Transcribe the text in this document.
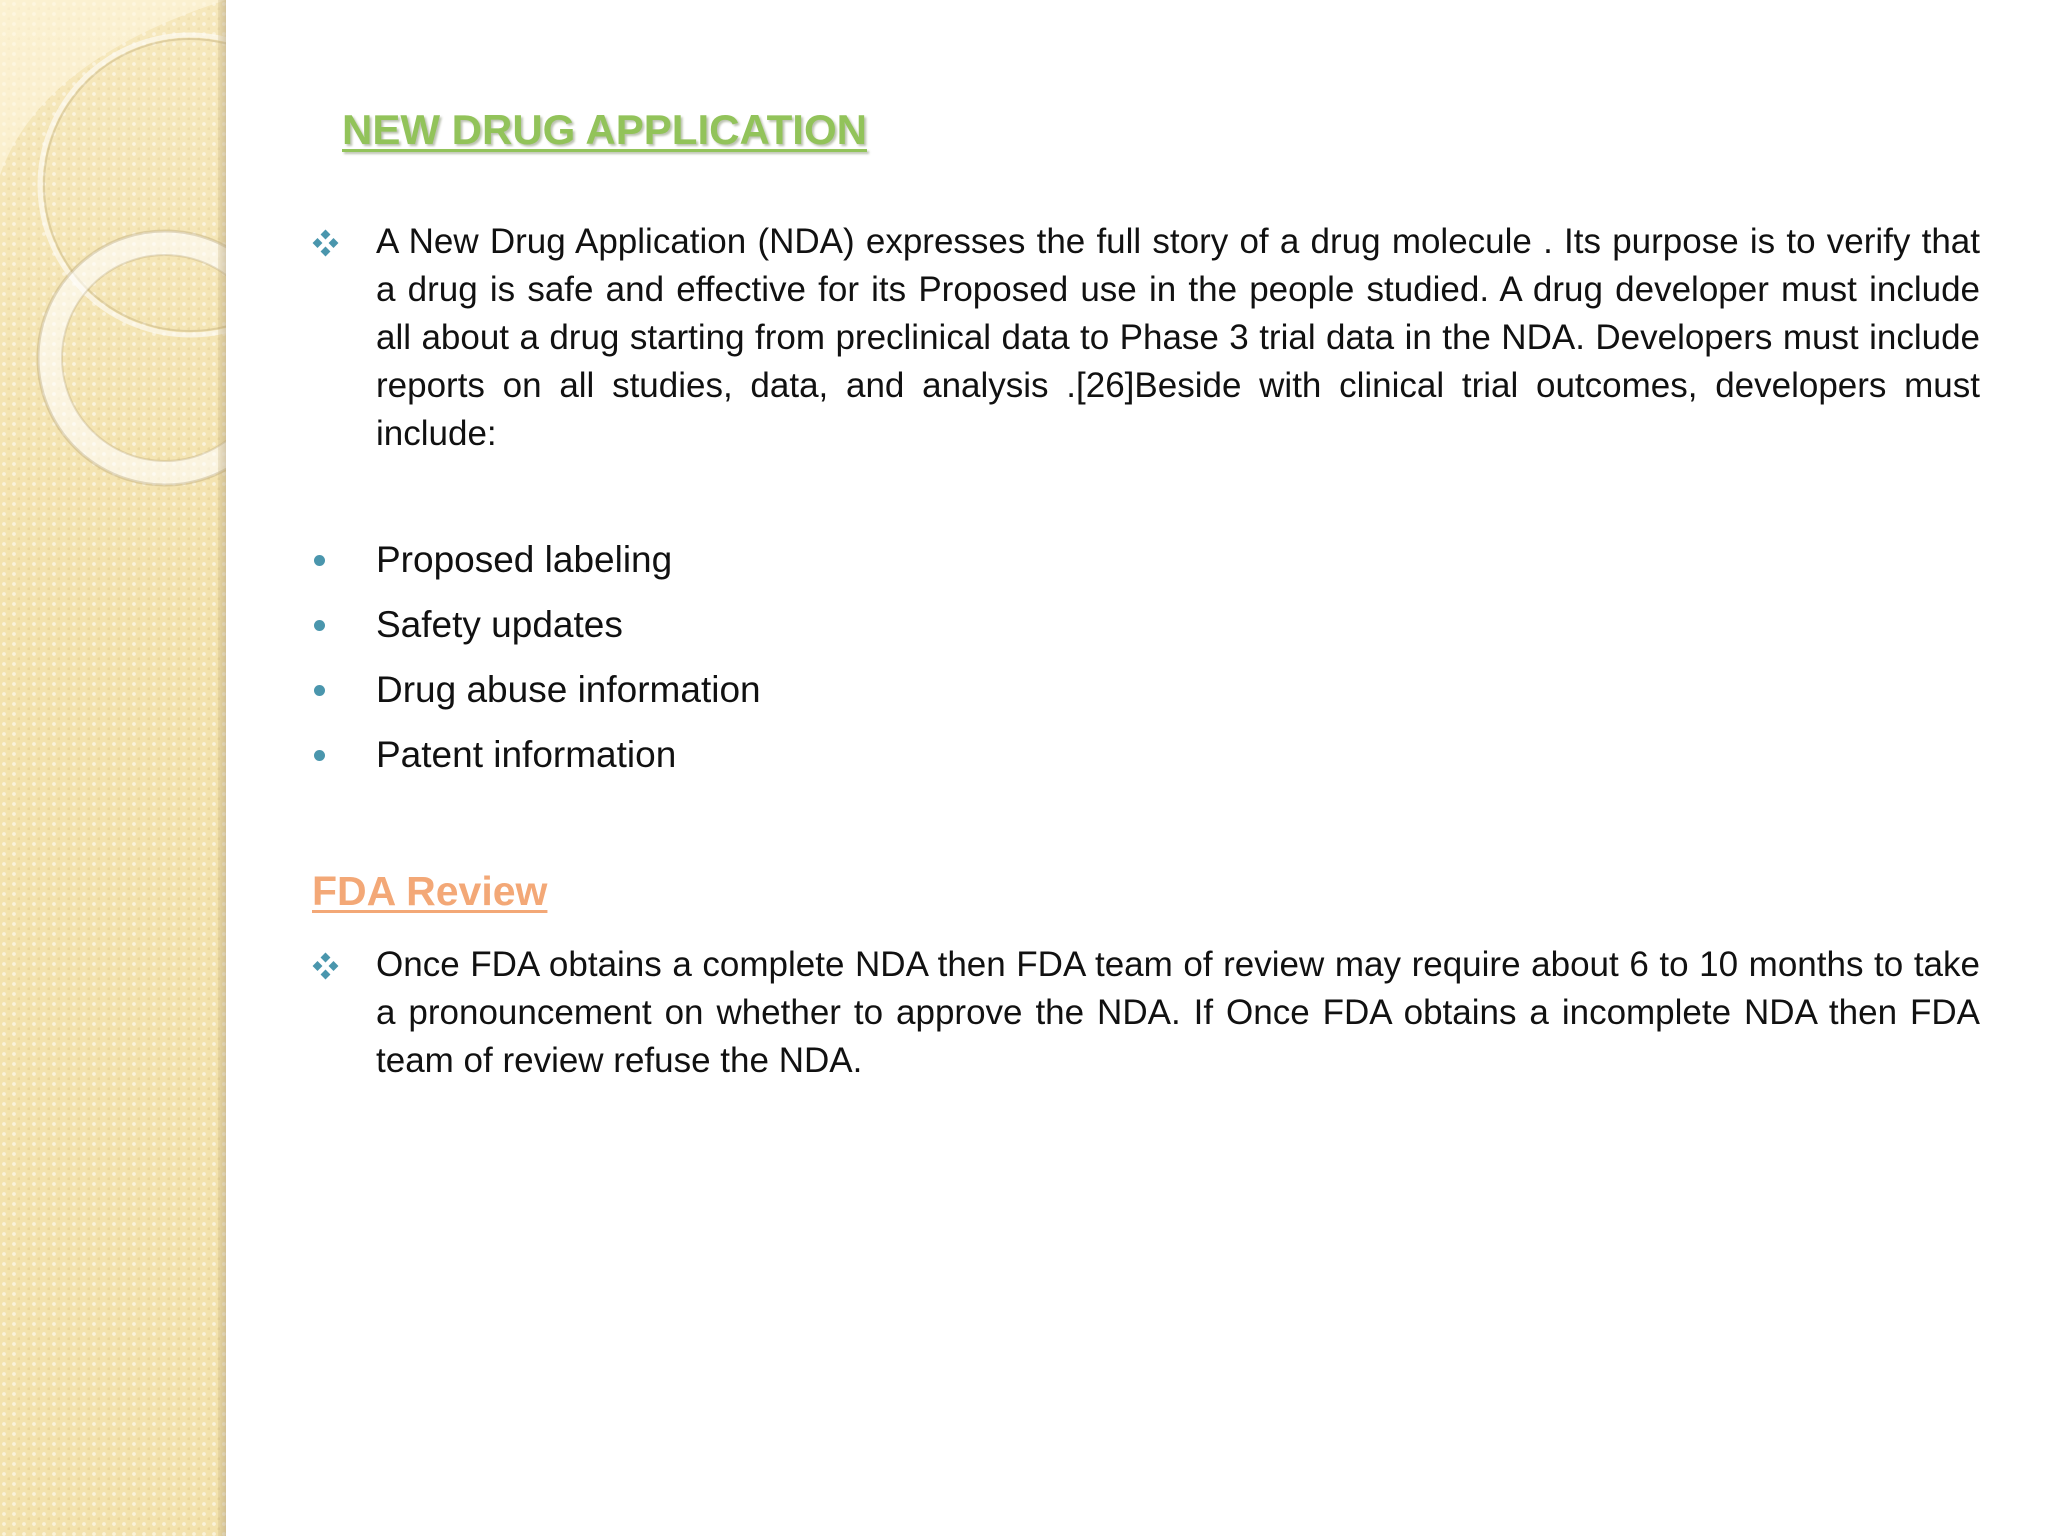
NEW DRUG APPLICATION

A New Drug Application (NDA) expresses the full story of a drug molecule . Its purpose is to verify that a drug is safe and effective for its Proposed use in the people studied. A drug developer must include all about a drug starting from preclinical data to Phase 3 trial data in the NDA. Developers must include reports on all studies, data, and analysis .[26]Beside with clinical trial outcomes, developers must include:

Proposed labeling
Safety updates
Drug abuse information
Patent information
FDA Review

Once FDA obtains a complete NDA then FDA team of review may require about 6 to 10 months to take a pronouncement on whether to approve the NDA. If Once FDA obtains a incomplete NDA then FDA team of review refuse the NDA.
